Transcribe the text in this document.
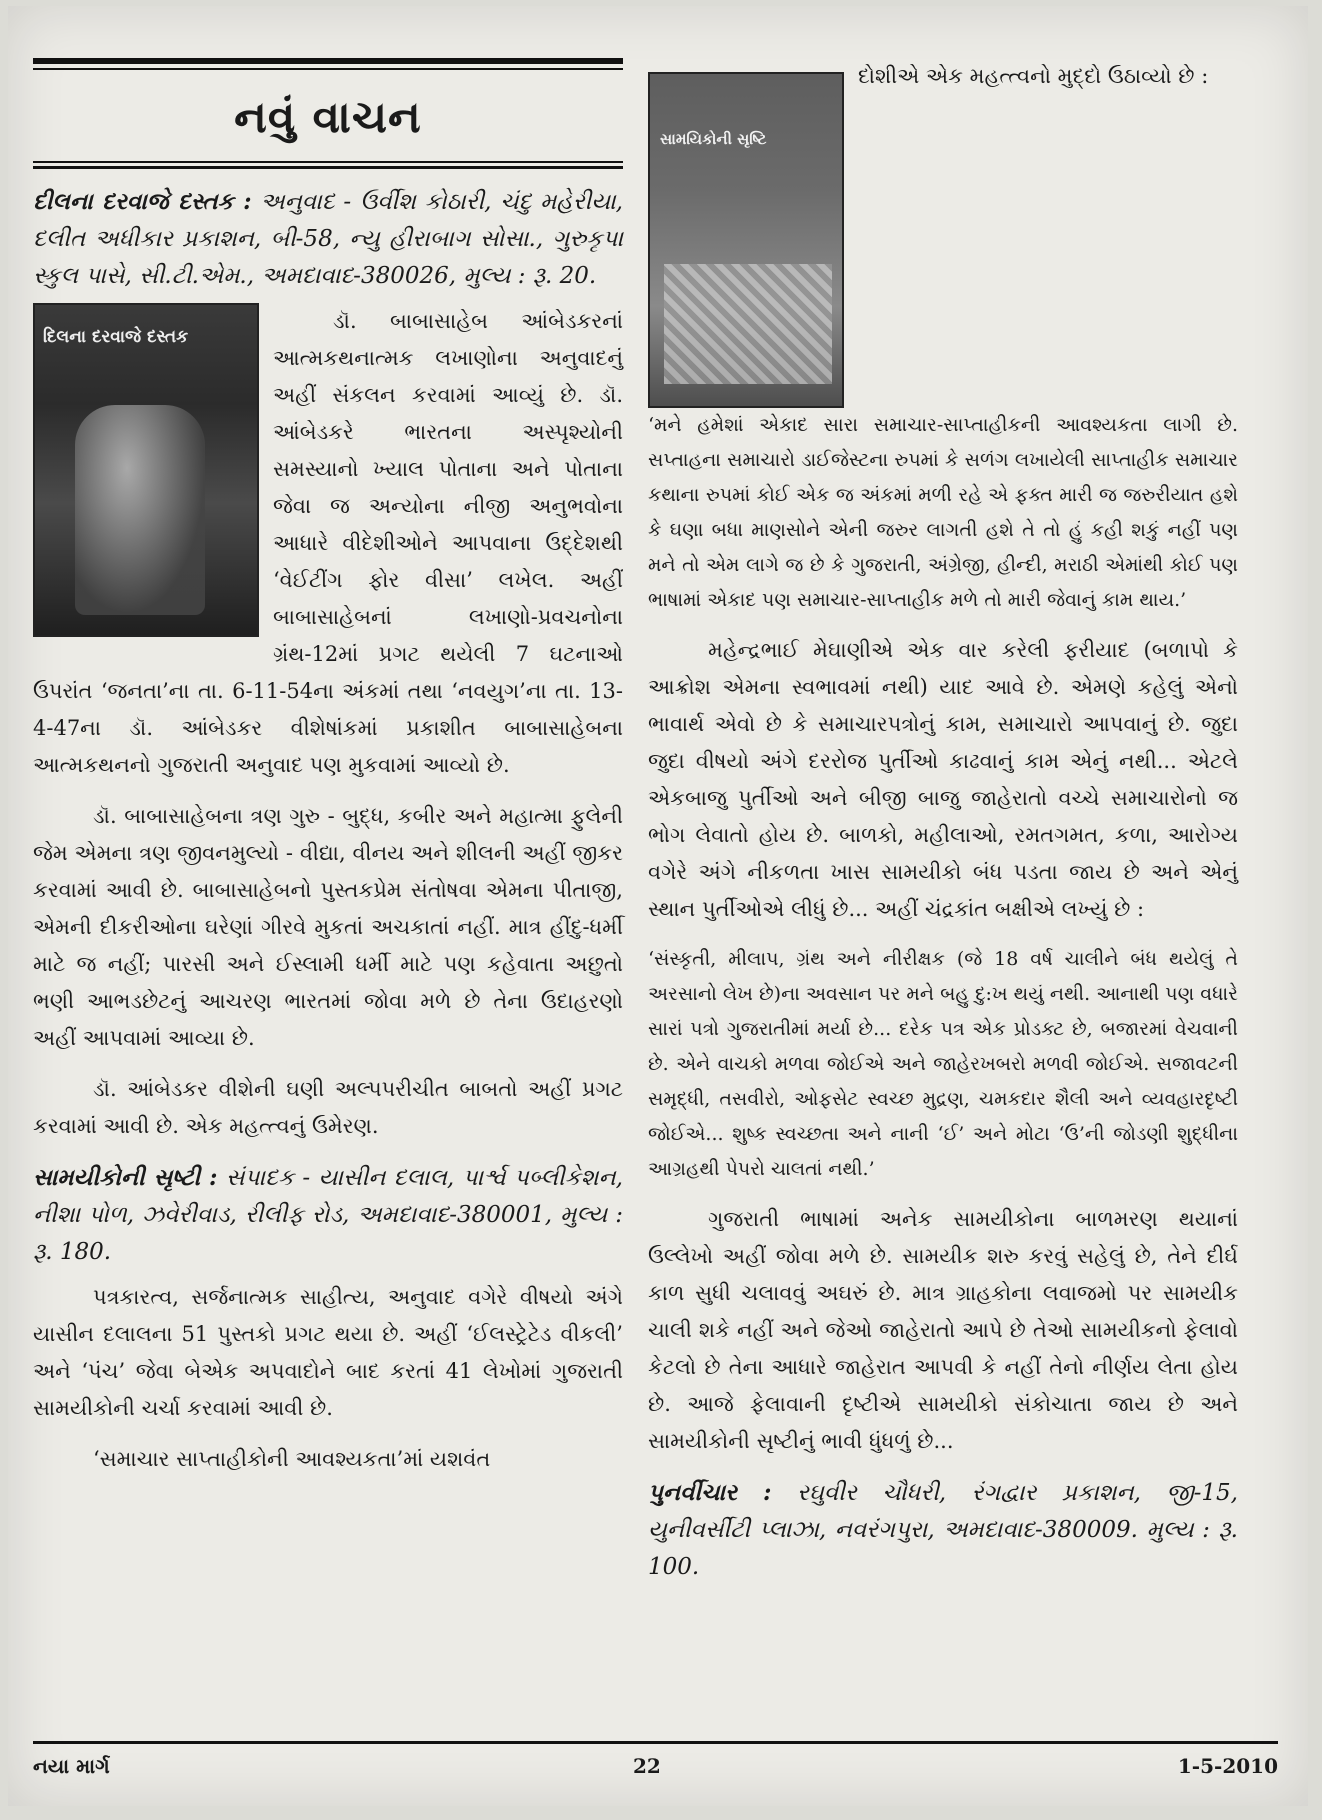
નવું વાચન
દીલના દરવાજે દસ્તક : અનુવાદ - ઉર્વીશ કોઠારી, ચંદુ મહેરીયા, દલીત અધીકાર પ્રકાશન, બી-58, ન્યુ હીરાબાગ સોસા., ગુરુકૃપા સ્કુલ પાસે, સી.ટી.એમ., અમદાવાદ-380026, મુલ્ય : રૂ. 20.
દિલના દરવાજે દસ્તક

ડૉ. બાબાસાહેબ આંબેડકરનાં આત્મકથનાત્મક લખાણોના અનુવાદનું અહીં સંકલન કરવામાં આવ્યું છે. ડૉ. આંબેડકરે ભારતના અસ્પૃશ્યોની સમસ્યાનો ખ્યાલ પોતાના અને પોતાના જેવા જ અન્યોના નીજી અનુભવોના આધારે વીદેશીઓને આપવાના ઉદ્દેશથી ‘વેઈટીંગ ફોર વીસા’ લખેલ. અહીં બાબાસાહેબનાં લખાણો-પ્રવચનોના ગ્રંથ-12માં પ્રગટ થયેલી 7 ઘટનાઓ ઉપરાંત ‘જનતા’ના તા. 6-11-54ના અંકમાં તથા ‘નવયુગ’ના તા. 13-4-47ના ડૉ. આંબેડકર વીશેષાંકમાં પ્રકાશીત બાબાસાહેબના આત્મકથનનો ગુજરાતી અનુવાદ પણ મુકવામાં આવ્યો છે.

ડૉ. બાબાસાહેબના ત્રણ ગુરુ - બુદ્ધ, કબીર અને મહાત્મા ફુલેની જેમ એમના ત્રણ જીવનમુલ્યો - વીદ્યા, વીનય અને શીલની અહીં જીકર કરવામાં આવી છે. બાબાસાહેબનો પુસ્તકપ્રેમ સંતોષવા એમના પીતાજી, એમની દીકરીઓના ઘરેણાં ગીરવે મુકતાં અચકાતાં નહીં. માત્ર હીંદુ-ધર્મી માટે જ નહીં; પારસી અને ઈસ્લામી ધર્મી માટે પણ કહેવાતા અછુતો ભણી આભડછેટનું આચરણ ભારતમાં જોવા મળે છે તેના ઉદાહરણો અહીં આપવામાં આવ્યા છે.

ડૉ. આંબેડકર વીશેની ઘણી અલ્પપરીચીત બાબતો અહીં પ્રગટ કરવામાં આવી છે. એક મહત્ત્વનું ઉમેરણ.

સામયીકોની સૃષ્ટી : સંપાદક - યાસીન દલાલ, પાર્શ્વ પબ્લીકેશન, નીશા પોળ, ઝવેરીવાડ, રીલીફ રોડ, અમદાવાદ-380001, મુલ્ય : રૂ. 180.

પત્રકારત્વ, સર્જનાત્મક સાહીત્ય, અનુવાદ વગેરે વીષયો અંગે યાસીન દલાલના 51 પુસ્તકો પ્રગટ થયા છે. અહીં ‘ઈલસ્ટ્રેટેડ વીકલી’ અને ‘પંચ’ જેવા બેએક અપવાદોને બાદ કરતાં 41 લેખોમાં ગુજરાતી સામયીકોની ચર્ચા કરવામાં આવી છે.

‘સમાચાર સાપ્તાહીકોની આવશ્યકતા’માં યશવંત

સામયિકોની સૃષ્ટિ

દોશીએ એક મહત્ત્વનો મુદ્દો ઉઠાવ્યો છે :

‘મને હમેશાં એકાદ સારા સમાચાર-સાપ્તાહીકની આવશ્યકતા લાગી છે. સપ્તાહના સમાચારો ડાઈજેસ્ટના રુપમાં કે સળંગ લખાયેલી સાપ્તાહીક સમાચાર કથાના રુપમાં કોઈ એક જ અંકમાં મળી રહે એ ફક્ત મારી જ જરુરીયાત હશે કે ઘણા બધા માણસોને એની જરુર લાગતી હશે તે તો હું કહી શકું નહીં પણ મને તો એમ લાગે જ છે કે ગુજરાતી, અંગ્રેજી, હીન્દી, મરાઠી એમાંથી કોઈ પણ ભાષામાં એકાદ પણ સમાચાર-સાપ્તાહીક મળે તો મારી જેવાનું કામ થાય.’

મહેન્દ્રભાઈ મેઘાણીએ એક વાર કરેલી ફરીયાદ (બળાપો કે આક્રોશ એમના સ્વભાવમાં નથી) યાદ આવે છે. એમણે કહેલું એનો ભાવાર્થ એવો છે કે સમાચારપત્રોનું કામ, સમાચારો આપવાનું છે. જુદા જુદા વીષયો અંગે દરરોજ પુર્તીઓ કાઢવાનું કામ એનું નથી... એટલે એકબાજુ પુર્તીઓ અને બીજી બાજુ જાહેરાતો વચ્ચે સમાચારોનો જ ભોગ લેવાતો હોય છે. બાળકો, મહીલાઓ, રમતગમત, કળા, આરોગ્ય વગેરે અંગે નીકળતા ખાસ સામયીકો બંધ પડતા જાય છે અને એનું સ્થાન પુર્તીઓએ લીધું છે... અહીં ચંદ્રકાંત બક્ષીએ લખ્યું છે :

‘સંસ્કૃતી, મીલાપ, ગ્રંથ અને નીરીક્ષક (જે 18 વર્ષ ચાલીને બંધ થયેલું તે અરસાનો લેખ છે)ના અવસાન પર મને બહુ દુ:ખ થયું નથી. આનાથી પણ વધારે સારાં પત્રો ગુજરાતીમાં મર્યા છે... દરેક પત્ર એક પ્રોડક્ટ છે, બજારમાં વેચવાની છે. એને વાચકો મળવા જોઈએ અને જાહેરખબરો મળવી જોઈએ. સજાવટની સમૃદ્ધી, તસવીરો, ઓફસેટ સ્વચ્છ મુદ્રણ, ચમકદાર શૈલી અને વ્યવહારદૃષ્ટી જોઈએ... શુષ્ક સ્વચ્છતા અને નાની ‘ઈ’ અને મોટા ‘ઉ’ની જોડણી શુદ્ધીના આગ્રહથી પેપરો ચાલતાં નથી.’

ગુજરાતી ભાષામાં અનેક સામયીકોના બાળમરણ થયાનાં ઉલ્લેખો અહીં જોવા મળે છે. સામયીક શરુ કરવું સહેલું છે, તેને દીર્ઘ કાળ સુધી ચલાવવું અઘરું છે. માત્ર ગ્રાહકોના લવાજમો પર સામયીક ચાલી શકે નહીં અને જેઓ જાહેરાતો આપે છે તેઓ સામયીકનો ફેલાવો કેટલો છે તેના આધારે જાહેરાત આપવી કે નહીં તેનો નીર્ણય લેતા હોય છે. આજે ફેલાવાની દૃષ્ટીએ સામયીકો સંકોચાતા જાય છે અને સામયીકોની સૃષ્ટીનું ભાવી ધુંધળું છે...

પુનર્વીચાર : રઘુવીર ચૌધરી, રંગદ્વાર પ્રકાશન, જી-15, યુનીવર્સીટી પ્લાઝા, નવરંગપુરા, અમદાવાદ-380009. મુલ્ય : રૂ. 100.
નયા માર્ગ	22	1-5-2010
